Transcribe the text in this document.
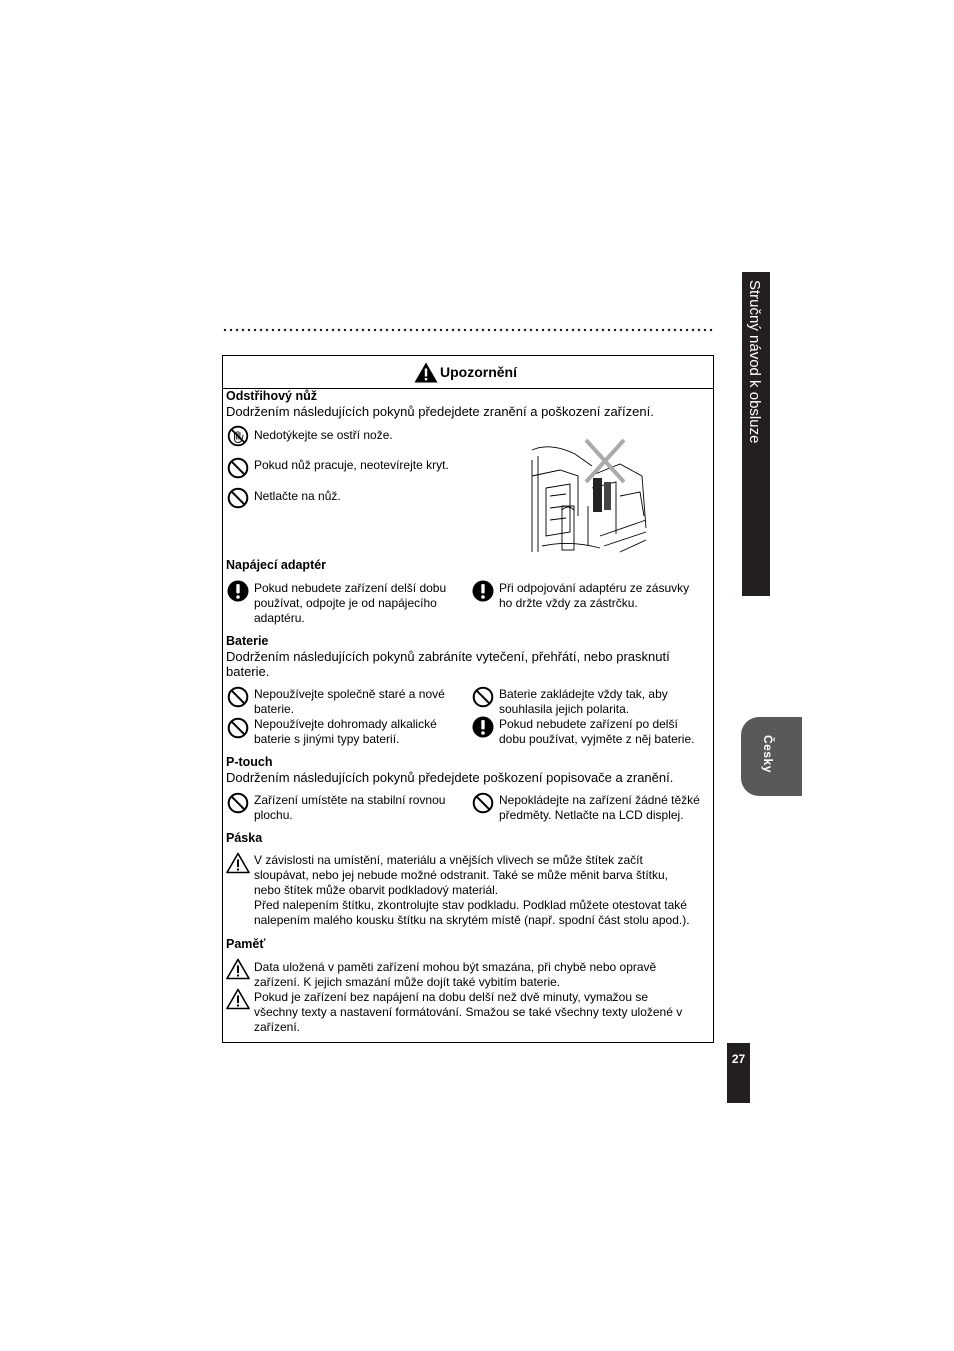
Stručný návod k obsluze
Česky
27
Upozornění
Odstřihový nůž
Dodržením následujících pokynů předejdete zranění a poškození zařízení.
Nedotýkejte se ostří nože.
Pokud nůž pracuje, neotevírejte kryt.
Netlačte na nůž.
Napájecí adaptér
Pokud nebudete zařízení delší dobu
používat, odpojte je od napájecího
adaptéru.
Při odpojování adaptéru ze zásuvky
ho držte vždy za zástrčku.
Baterie
Dodržením následujících pokynů zabráníte vytečení, přehřátí, nebo prasknutí
baterie.
Nepoužívejte společně staré a nové
baterie.
Baterie zakládejte vždy tak, aby
souhlasila jejich polarita.
Nepoužívejte dohromady alkalické
baterie s jinými typy baterií.
Pokud nebudete zařízení po delší
dobu používat, vyjměte z něj baterie.
P-touch
Dodržením následujících pokynů předejdete poškození popisovače a zranění.
Zařízení umístěte na stabilní rovnou
plochu.
Nepokládejte na zařízení žádné těžké
předměty. Netlačte na LCD displej.
Páska
V závislosti na umístění, materiálu a vnějších vlivech se může štítek začít
sloupávat, nebo jej nebude možné odstranit. Také se může měnit barva štítku,
nebo štítek může obarvit podkladový materiál.
Před nalepením štítku, zkontrolujte stav podkladu. Podklad můžete otestovat také
nalepením malého kousku štítku na skrytém místě (např. spodní část stolu apod.).
Paměť
Data uložená v paměti zařízení mohou být smazána, při chybě nebo opravě
zařízení. K jejich smazání může dojít také vybitím baterie.
Pokud je zařízení bez napájení na dobu delší než dvě minuty, vymažou se
všechny texty a nastavení formátování. Smažou se také všechny texty uložené v
zařízení.
